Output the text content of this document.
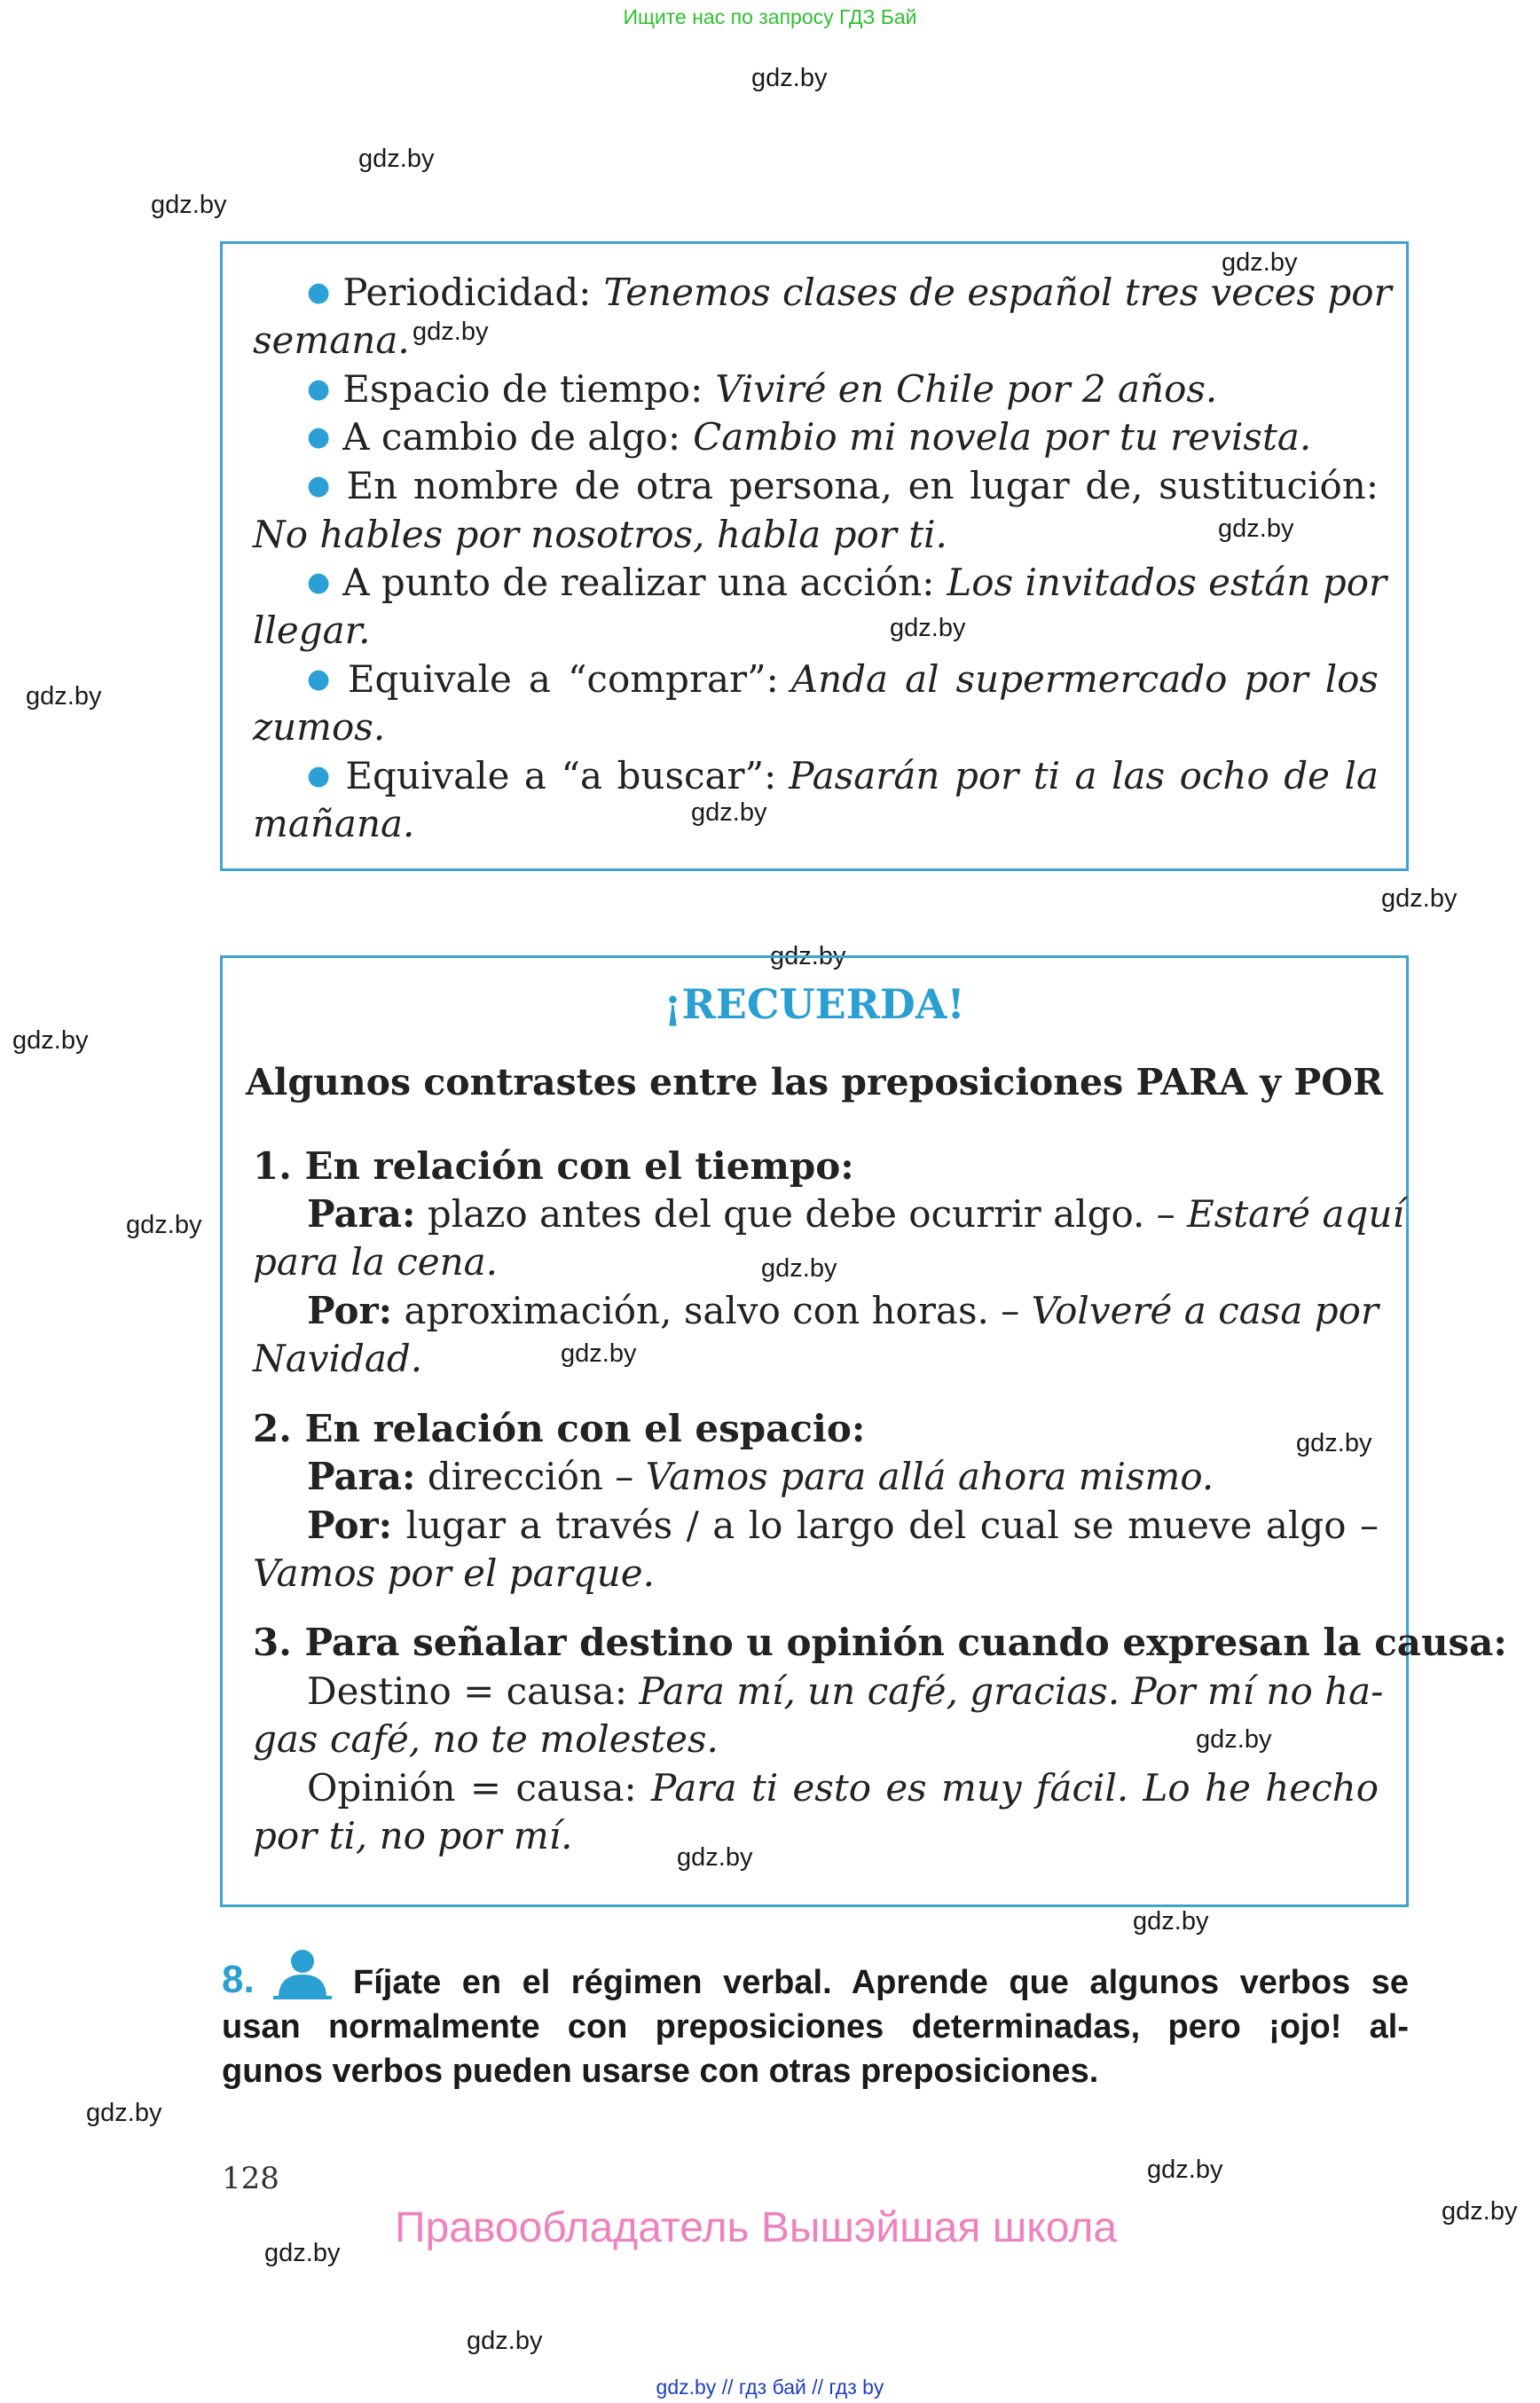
Ищите нас по запросу ГДЗ Бай
gdz.by
gdz.by
gdz.by
gdz.by
gdz.by
gdz.by
gdz.by
gdz.by
gdz.by
gdz.by
gdz.by
gdz.by
gdz.by
gdz.by
gdz.by
gdz.by
gdz.by
gdz.by
gdz.by
gdz.by
gdz.by
gdz.by
gdz.by
gdz.by
● Periodicidad: Tenemos clases de español tres veces por
semana.
● Espacio de tiempo: Viviré en Chile por 2 años.
● A cambio de algo: Cambio mi novela por tu revista.
● En nombre de otra persona, en lugar de, sustitución:
No hables por nosotros, habla por ti.
● A punto de realizar una acción: Los invitados están por
llegar.
● Equivale a “comprar”: Anda al supermercado por los
zumos.
● Equivale a “a buscar”: Pasarán por ti a las ocho de la
mañana.
¡RECUERDA!
Algunos contrastes entre las preposiciones PARA y POR
1. En relación con el tiempo:
Para: plazo antes del que debe ocurrir algo. – Estaré aquí
para la cena.
Por: aproximación, salvo con horas. – Volveré a casa por
Navidad.
2. En relación con el espacio:
Para: dirección – Vamos para allá ahora mismo.
Por: lugar a través / a lo largo del cual se mueve algo –
Vamos por el parque.
3. Para señalar destino u opinión cuando expresan la causa:
Destino = causa: Para mí, un café, gracias. Por mí no ha-
gas café, no te molestes.
Opinión = causa: Para ti esto es muy fácil. Lo he hecho
por ti, no por mí.
8.	Fíjate en el régimen verbal. Aprende que algunos verbos se
usan normalmente con preposiciones determinadas, pero ¡ojo! al-
gunos verbos pueden usarse con otras preposiciones.
128
Правообладатель Вышэйшая школа
gdz.by // гдз бай // гдз by
